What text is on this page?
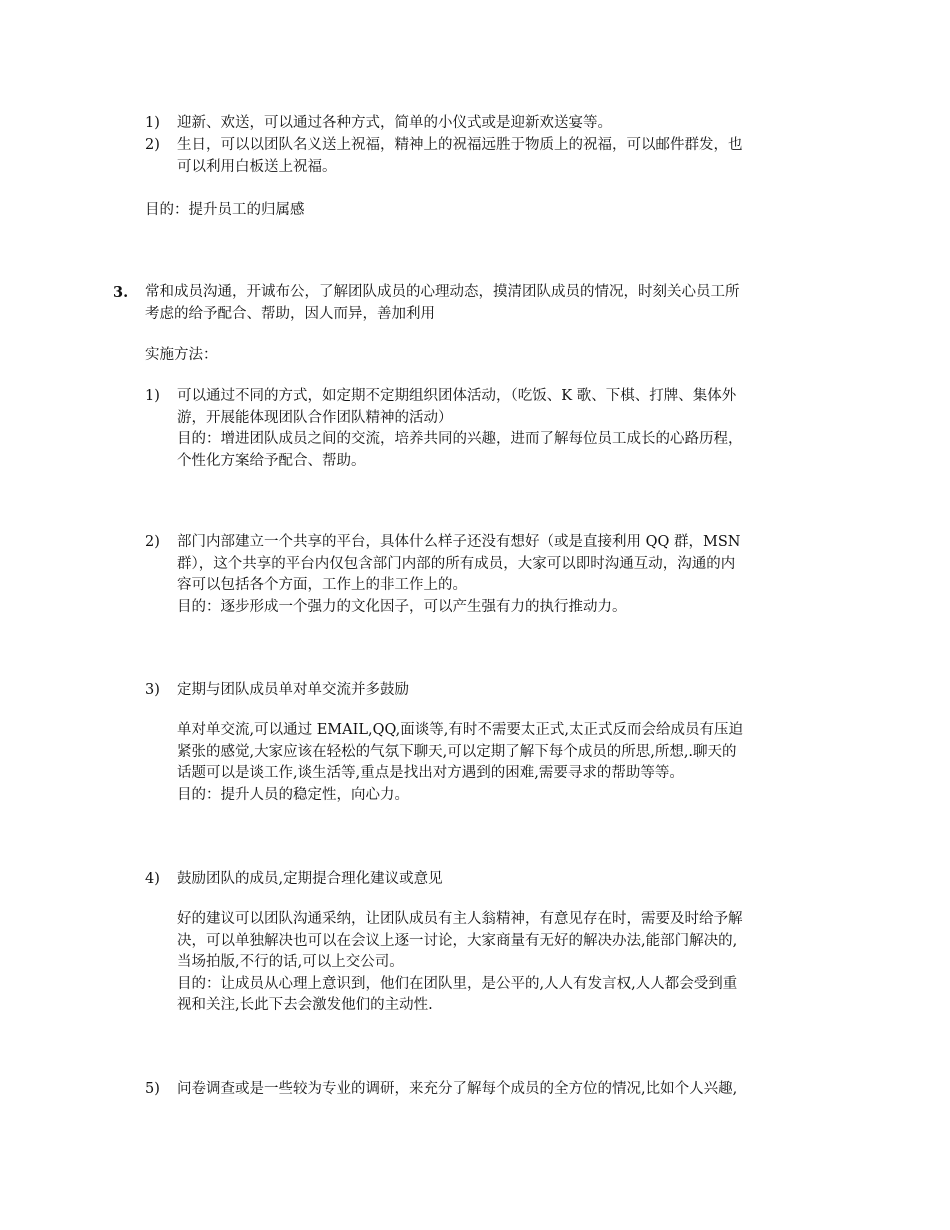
1)	迎新、欢送，可以通过各种方式，简单的小仪式或是迎新欢送宴等。
2)	生日，可以以团队名义送上祝福，精神上的祝福远胜于物质上的祝福，可以邮件群发，也
可以利用白板送上祝福。
目的：提升员工的归属感
3. 常和成员沟通，开诚布公，了解团队成员的心理动态，摸清团队成员的情况，时刻关心员工所
考虑的给予配合、帮助，因人而异，善加利用
实施方法：
1)	可以通过不同的方式，如定期不定期组织团体活动，（吃饭、K 歌、下棋、打牌、集体外
游，开展能体现团队合作团队精神的活动）
目的：增进团队成员之间的交流，培养共同的兴趣，进而了解每位员工成长的心路历程，
个性化方案给予配合、帮助。
2)	部门内部建立一个共享的平台，具体什么样子还没有想好（或是直接利用 QQ 群，MSN
群），这个共享的平台内仅包含部门内部的所有成员，大家可以即时沟通互动，沟通的内
容可以包括各个方面，工作上的非工作上的。
目的：逐步形成一个强力的文化因子，可以产生强有力的执行推动力。
3)	定期与团队成员单对单交流并多鼓励
单对单交流,可以通过 EMAIL,QQ,面谈等,有时不需要太正式,太正式反而会给成员有压迫
紧张的感觉,大家应该在轻松的气氛下聊天,可以定期了解下每个成员的所思,所想,.聊天的
话题可以是谈工作,谈生活等,重点是找出对方遇到的困难,需要寻求的帮助等等。
目的：提升人员的稳定性，向心力。
4)	鼓励团队的成员,定期提合理化建议或意见
好的建议可以团队沟通采纳，让团队成员有主人翁精神，有意见存在时，需要及时给予解
决，可以单独解决也可以在会议上逐一讨论，大家商量有无好的解决办法,能部门解决的,
当场拍版,不行的话,可以上交公司。
目的：让成员从心理上意识到，他们在团队里，是公平的,人人有发言权,人人都会受到重
视和关注,长此下去会激发他们的主动性.
5)	问卷调查或是一些较为专业的调研，来充分了解每个成员的全方位的情况,比如个人兴趣,
